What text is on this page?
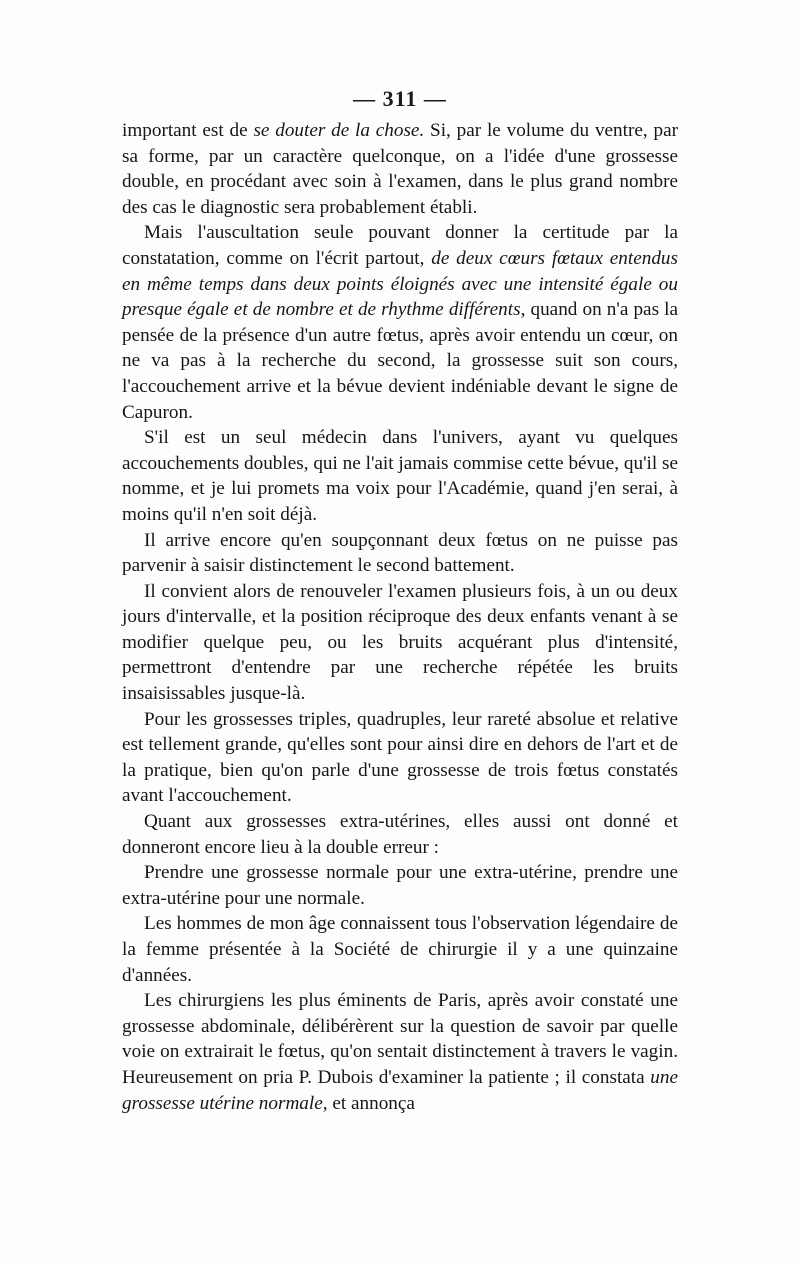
— 311 —

important est de se douter de la chose. Si, par le volume du ventre, par sa forme, par un caractère quelconque, on a l'idée d'une grossesse double, en procédant avec soin à l'examen, dans le plus grand nombre des cas le diagnostic sera probablement établi.

Mais l'auscultation seule pouvant donner la certitude par la constatation, comme on l'écrit partout, de deux cœurs fœtaux entendus en même temps dans deux points éloignés avec une intensité égale ou presque égale et de nombre et de rhythme différents, quand on n'a pas la pensée de la présence d'un autre fœtus, après avoir entendu un cœur, on ne va pas à la recherche du second, la grossesse suit son cours, l'accouchement arrive et la bévue devient indéniable devant le signe de Capuron.

S'il est un seul médecin dans l'univers, ayant vu quelques accouchements doubles, qui ne l'ait jamais commise cette bévue, qu'il se nomme, et je lui promets ma voix pour l'Académie, quand j'en serai, à moins qu'il n'en soit déjà.

Il arrive encore qu'en soupçonnant deux fœtus on ne puisse pas parvenir à saisir distinctement le second battement.

Il convient alors de renouveler l'examen plusieurs fois, à un ou deux jours d'intervalle, et la position réciproque des deux enfants venant à se modifier quelque peu, ou les bruits acquérant plus d'intensité, permettront d'entendre par une recherche répétée les bruits insaisissables jusque-là.

Pour les grossesses triples, quadruples, leur rareté absolue et relative est tellement grande, qu'elles sont pour ainsi dire en dehors de l'art et de la pratique, bien qu'on parle d'une grossesse de trois fœtus constatés avant l'accouchement.

Quant aux grossesses extra-utérines, elles aussi ont donné et donneront encore lieu à la double erreur :

Prendre une grossesse normale pour une extra-utérine, prendre une extra-utérine pour une normale.

Les hommes de mon âge connaissent tous l'observation légendaire de la femme présentée à la Société de chirurgie il y a une quinzaine d'années.

Les chirurgiens les plus éminents de Paris, après avoir constaté une grossesse abdominale, délibérèrent sur la question de savoir par quelle voie on extrairait le fœtus, qu'on sentait distinctement à travers le vagin. Heureusement on pria P. Dubois d'examiner la patiente ; il constata une grossesse utérine normale, et annonça
